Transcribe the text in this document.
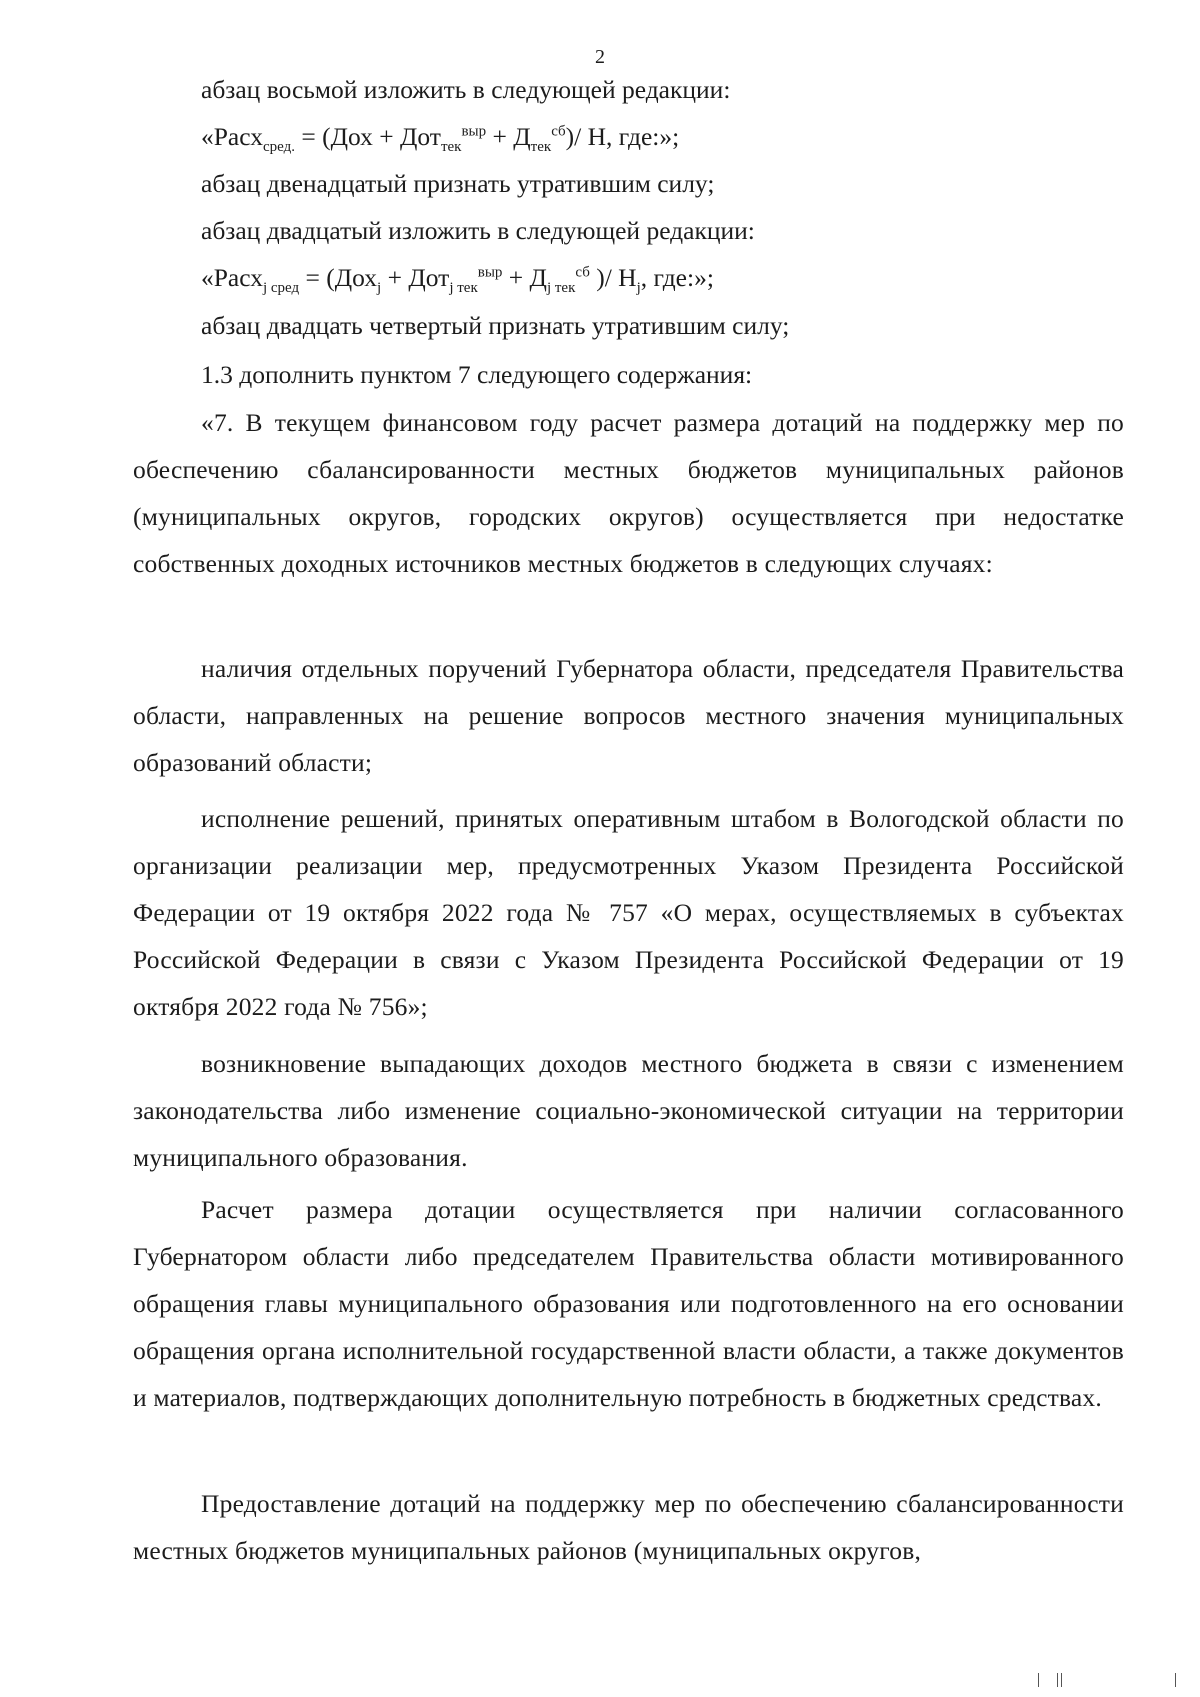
2
абзац восьмой изложить в следующей редакции:
«Расх$_{сред.}$ = $(Дох + Дот_{тек}^{выр} + Д_{тек}^{сб})/$ Н, где:»;
абзац двенадцатый признать утратившим силу;
абзац двадцатый изложить в следующей редакции:
«Расх$_{j сред}$ = ($Дох_j + Дот_{j тек}^{выр} + Д_{j тек}^{сб}$ )/ $Н_j$, где:»;
абзац двадцать четвертый признать утратившим силу;
1.3 дополнить пунктом 7 следующего содержания:
«7. В текущем финансовом году расчет размера дотаций на поддержку мер по обеспечению сбалансированности местных бюджетов муниципальных районов (муниципальных округов, городских округов) осуществляется при недостатке собственных доходных источников местных бюджетов в следующих случаях:
наличия отдельных поручений Губернатора области, председателя Правительства области, направленных на решение вопросов местного значения муниципальных образований области;
исполнение решений, принятых оперативным штабом в Вологодской области по организации реализации мер, предусмотренных Указом Президента Российской Федерации от 19 октября 2022 года № 757 «О мерах, осуществляемых в субъектах Российской Федерации в связи с Указом Президента Российской Федерации от 19 октября 2022 года № 756»;
возникновение выпадающих доходов местного бюджета в связи с изменением законодательства либо изменение социально-экономической ситуации на территории муниципального образования.
Расчет размера дотации осуществляется при наличии согласованного Губернатором области либо председателем Правительства области мотивированного обращения главы муниципального образования или подготовленного на его основании обращения органа исполнительной государственной власти области, а также документов и материалов, подтверждающих дополнительную потребность в бюджетных средствах.
Предоставление дотаций на поддержку мер по обеспечению сбалансированности местных бюджетов муниципальных районов (муниципальных округов,
